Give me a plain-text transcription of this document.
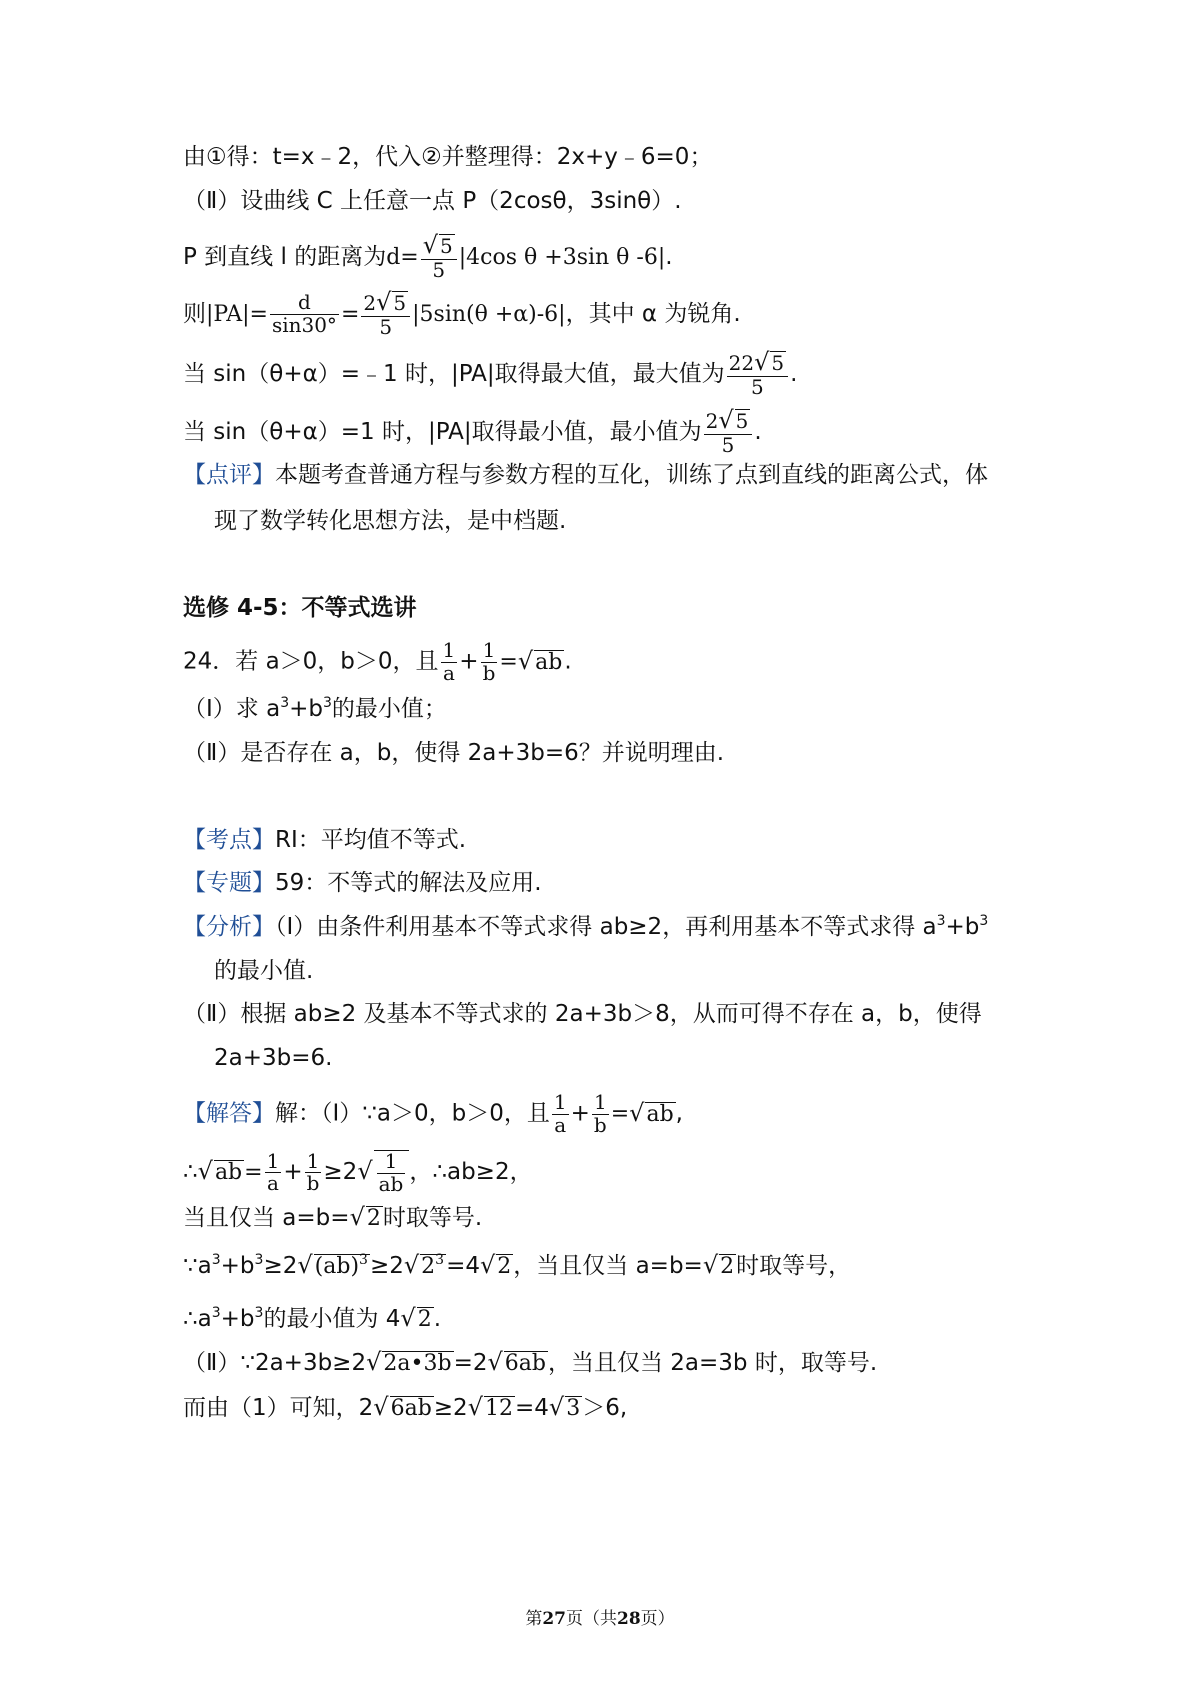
由①得：t=x﹣2，代入②并整理得：2x+y﹣6=0；
（Ⅱ）设曲线 C 上任意一点 P（2cosθ，3sinθ）.
P 到直线 l 的距离为$d= \frac{√ 5}{5} |4\cos$ θ +3sin θ -6|.
则$|PA|= \frac{d}{\sin 30^\circ} = \frac{2√ 5}{5} |5\sin(\theta +\alpha)-6|$，其中 α 为锐角.
当 sin（θ+α）=﹣1 时，|PA|取得最大值，最大值为 $\frac{22√ 5}{5}$ .
当 sin（θ+α）=1 时，|PA|取得最小值，最小值为 $\frac{2√ 5}{5}$ .
【点评】本题考查普通方程与参数方程的互化，训练了点到直线的距离公式，体
现了数学转化思想方法，是中档题.
选修 4-5：不等式选讲
24．若 a＞0，b＞0，且 $\frac{1}{a} + \frac{1}{b} =√ab$.
（Ⅰ）求 $a^3+b^3$的最小值；
（Ⅱ）是否存在 a，b，使得 2a+3b=6？并说明理由.
【考点】RI：平均值不等式.
【专题】59：不等式的解法及应用.
【分析】（Ⅰ）由条件利用基本不等式求得 ab≥2，再利用基本不等式求得 $a^3+b^3$
的最小值.
（Ⅱ）根据 ab≥2 及基本不等式求的 2a+3b＞8，从而可得不存在 a，b，使得
2a+3b=6.
【解答】解：（Ⅰ）∵a＞0，b＞0，且 $\frac{1}{a} + \frac{1}{b} =√ab$,
∴√ab= $\frac{1}{a} + \frac{1}{b} \ge 2√ \frac{1}{ab}$ ，∴ab≥2，
当且仅当 a=b=√2时取等号.
$\because a^3+b^3\ge 2√(ab)^3\ge 2√2^3=4√2$，当且仅当 a=b=√2时取等号，
$\therefore a^3+b^3$的最小值为 4√2.
（Ⅱ）∵2a+3b≥2√2a•3b=2√6ab，当且仅当 2a=3b 时，取等号.
而由（1）可知，2√6ab≥2√12=4√3＞6,
第27页（共28页）
